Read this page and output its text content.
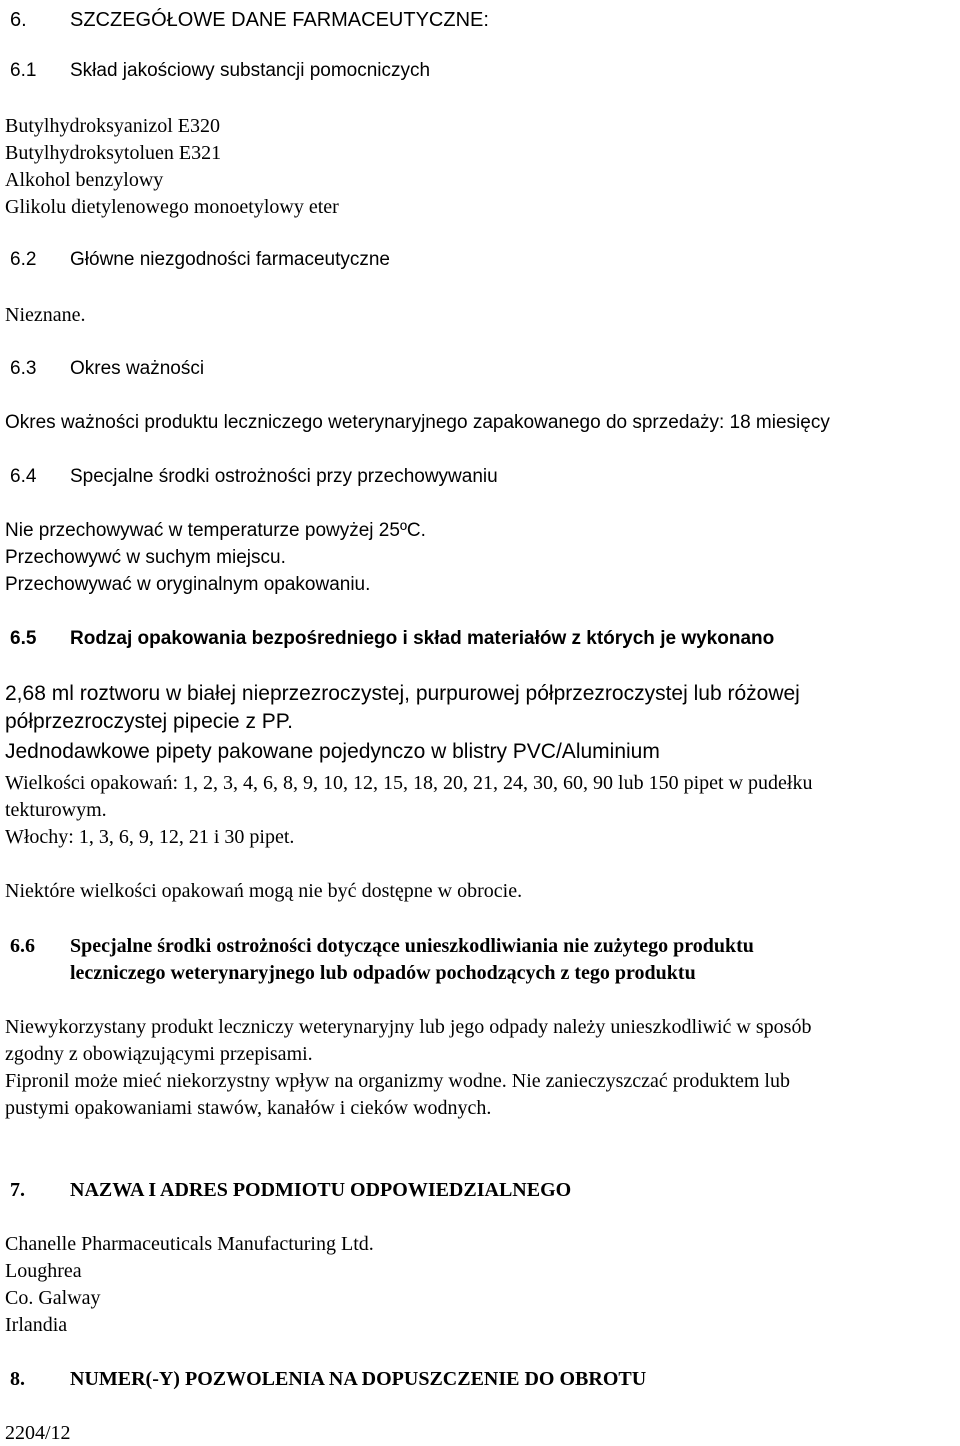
6. SZCZEGÓŁOWE DANE FARMACEUTYCZNE:
6.1 Skład jakościowy substancji pomocniczych
Butylhydroksyanizol E320
Butylhydroksytoluen E321
Alkohol benzylowy
Glikolu dietylenowego monoetylowy eter
6.2 Główne niezgodności farmaceutyczne
Nieznane.
6.3 Okres ważności
Okres ważności produktu leczniczego weterynaryjnego zapakowanego do sprzedaży: 18 miesięcy
6.4 Specjalne środki ostrożności przy przechowywaniu
Nie przechowywać w temperaturze powyżej 25ºC.
Przechowywć w suchym miejscu.
Przechowywać w oryginalnym opakowaniu.
6.5 Rodzaj opakowania bezpośredniego i skład materiałów z których je wykonano
2,68 ml roztworu w białej nieprzezroczystej, purpurowej półprzezroczystej lub różowej
półprzezroczystej pipecie z PP.
Jednodawkowe pipety pakowane pojedynczo w blistry PVC/Aluminium
Wielkości opakowań: 1, 2, 3, 4, 6, 8, 9, 10, 12, 15, 18, 20, 21, 24, 30, 60, 90 lub 150 pipet w pudełku
tekturowym.
Włochy: 1, 3, 6, 9, 12, 21 i 30 pipet.
Niektóre wielkości opakowań mogą nie być dostępne w obrocie.
6.6 Specjalne środki ostrożności dotyczące unieszkodliwiania nie zużytego produktu
leczniczego weterynaryjnego lub odpadów pochodzących z tego produktu
Niewykorzystany produkt leczniczy weterynaryjny lub jego odpady należy unieszkodliwić w sposób
zgodny z obowiązującymi przepisami.
Fipronil może mieć niekorzystny wpływ na organizmy wodne. Nie zanieczyszczać produktem lub
pustymi opakowaniami stawów, kanałów i cieków wodnych.
7. NAZWA I ADRES PODMIOTU ODPOWIEDZIALNEGO
Chanelle Pharmaceuticals Manufacturing Ltd.
Loughrea
Co. Galway
Irlandia
8. NUMER(-Y) POZWOLENIA NA DOPUSZCZENIE DO OBROTU
2204/12
